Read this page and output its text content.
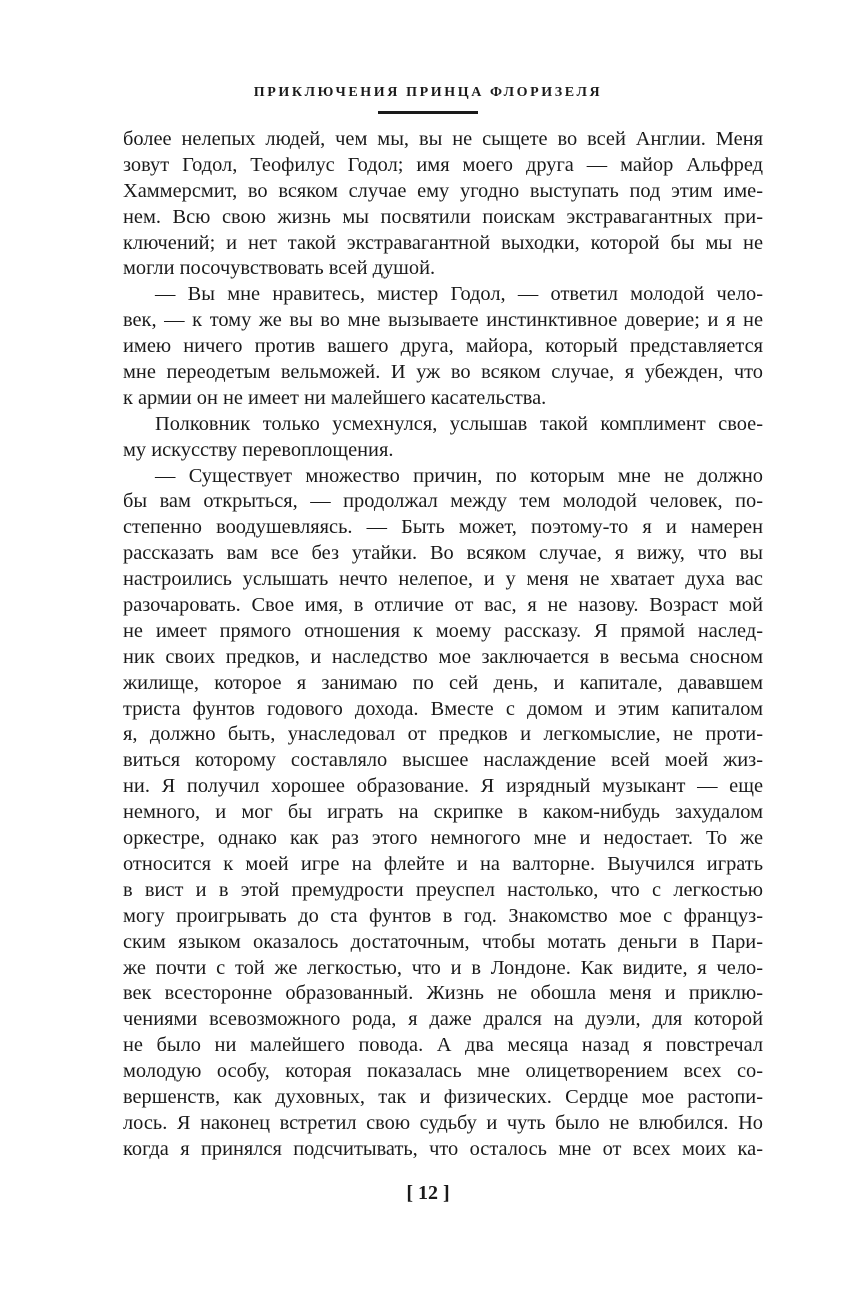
ПРИКЛЮЧЕНИЯ ПРИНЦА ФЛОРИЗЕЛЯ
более нелепых людей, чем мы, вы не сыщете во всей Англии. Меня
зовут Годол, Теофилус Годол; имя моего друга — майор Альфред
Хаммерсмит, во всяком случае ему угодно выступать под этим име-
нем. Всю свою жизнь мы посвятили поискам экстравагантных при-
ключений; и нет такой экстравагантной выходки, которой бы мы не
могли посочувствовать всей душой.
— Вы мне нравитесь, мистер Годол, — ответил молодой чело-
век, — к тому же вы во мне вызываете инстинктивное доверие; и я не
имею ничего против вашего друга, майора, который представляется
мне переодетым вельможей. И уж во всяком случае, я убежден, что
к армии он не имеет ни малейшего касательства.
Полковник только усмехнулся, услышав такой комплимент свое-
му искусству перевоплощения.
— Существует множество причин, по которым мне не должно
бы вам открыться, — продолжал между тем молодой человек, по-
степенно воодушевляясь. — Быть может, поэтому-то я и намерен
рассказать вам все без утайки. Во всяком случае, я вижу, что вы
настроились услышать нечто нелепое, и у меня не хватает духа вас
разочаровать. Свое имя, в отличие от вас, я не назову. Возраст мой
не имеет прямого отношения к моему рассказу. Я прямой наслед-
ник своих предков, и наследство мое заключается в весьма сносном
жилище, которое я занимаю по сей день, и капитале, дававшем
триста фунтов годового дохода. Вместе с домом и этим капиталом
я, должно быть, унаследовал от предков и легкомыслие, не проти-
виться которому составляло высшее наслаждение всей моей жиз-
ни. Я получил хорошее образование. Я изрядный музыкант — еще
немного, и мог бы играть на скрипке в каком-нибудь захудалом
оркестре, однако как раз этого немногого мне и недостает. То же
относится к моей игре на флейте и на валторне. Выучился играть
в вист и в этой премудрости преуспел настолько, что с легкостью
могу проигрывать до ста фунтов в год. Знакомство мое с француз-
ским языком оказалось достаточным, чтобы мотать деньги в Пари-
же почти с той же легкостью, что и в Лондоне. Как видите, я чело-
век всесторонне образованный. Жизнь не обошла меня и приклю-
чениями всевозможного рода, я даже дрался на дуэли, для которой
не было ни малейшего повода. А два месяца назад я повстречал
молодую особу, которая показалась мне олицетворением всех со-
вершенств, как духовных, так и физических. Сердце мое растопи-
лось. Я наконец встретил свою судьбу и чуть было не влюбился. Но
когда я принялся подсчитывать, что осталось мне от всех моих ка-
[ 12 ]
